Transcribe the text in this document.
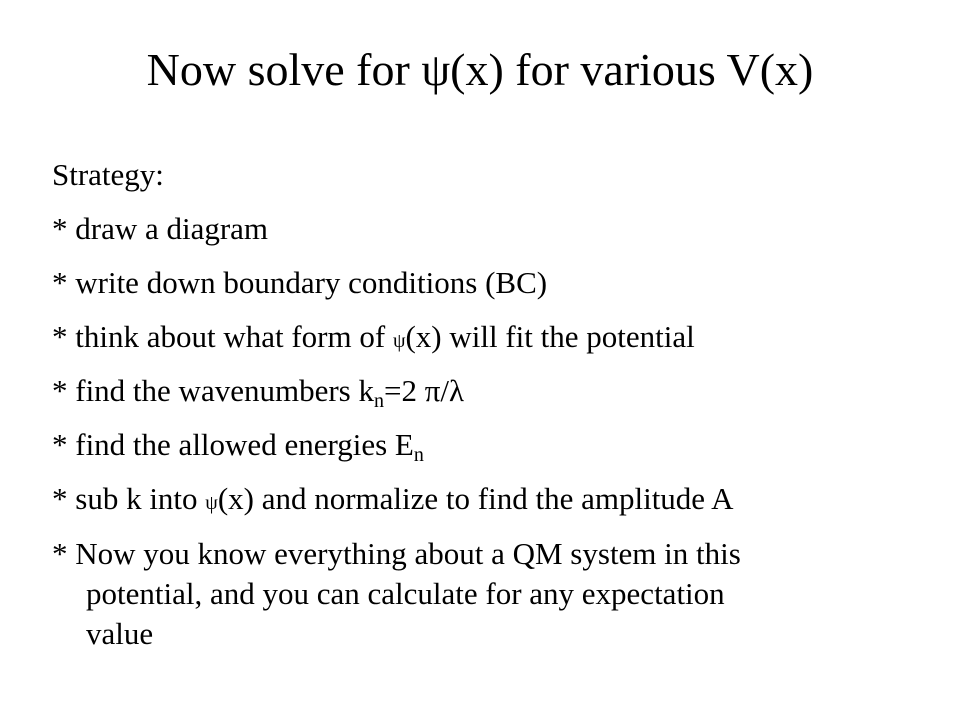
Now solve for ψ(x) for various V(x)
Strategy:
* draw a diagram
* write down boundary conditions (BC)
* think about what form of ψ(x) will fit the potential
* find the wavenumbers $k_n=2$ π/λ
* find the allowed energies $E_n$
* sub k into ψ(x) and normalize to find the amplitude A
* Now you know everything about a QM system in this
potential, and you can calculate for any expectation
value
